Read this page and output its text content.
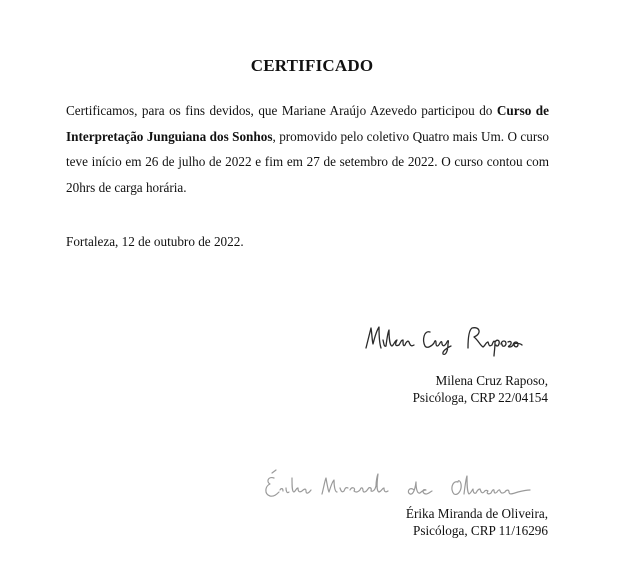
CERTIFICADO
Certificamos, para os fins devidos, que Mariane Araújo Azevedo participou do Curso de Interpretação Junguiana dos Sonhos, promovido pelo coletivo Quatro mais Um. O curso teve início em 26 de julho de 2022 e fim em 27 de setembro de 2022. O curso contou com 20hrs de carga horária.
Fortaleza, 12 de outubro de 2022.
Milena Cruz Raposo,
Psicóloga, CRP 22/04154
Érika Miranda de Oliveira,
Psicóloga, CRP 11/16296
